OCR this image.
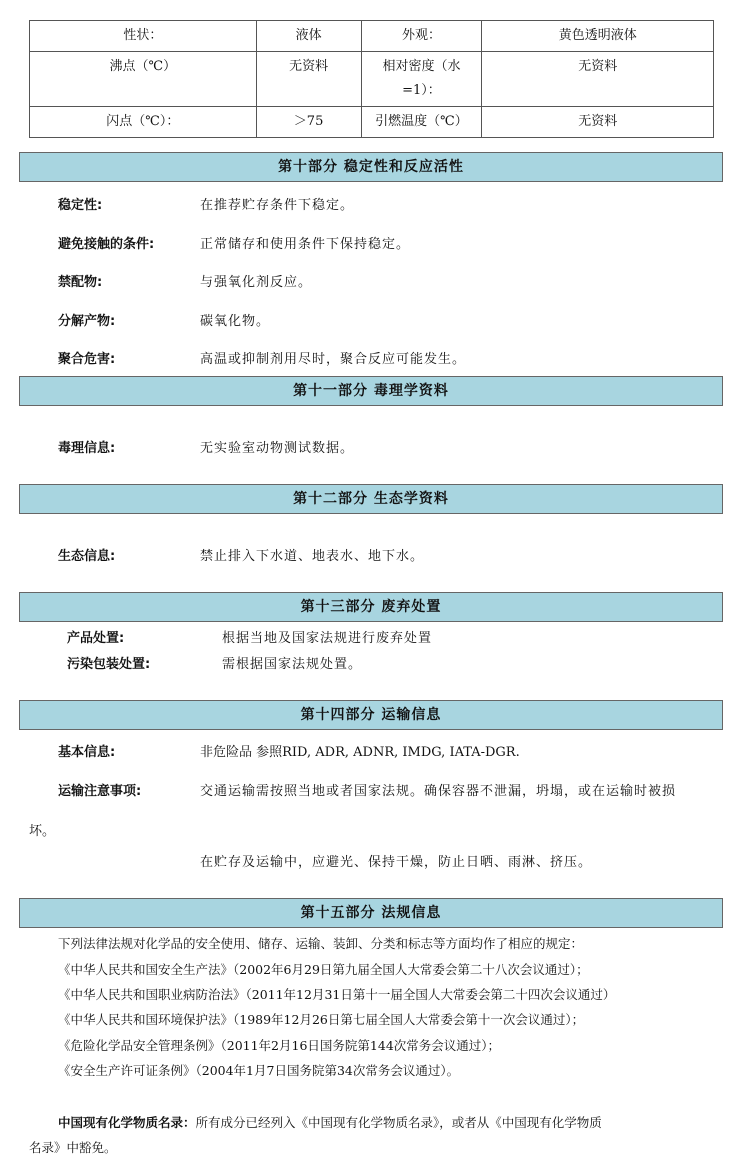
性状：	液体	外观：	黄色透明液体
沸点（℃）	无资料	相对密度（水=1）：	无资料
闪点（℃）：	＞75	引燃温度（℃）	无资料
第十部分 稳定性和反应活性
稳定性:	在推荐贮存条件下稳定。
避免接触的条件:	正常储存和使用条件下保持稳定。
禁配物:	与强氧化剂反应。
分解产物:	碳氧化物。
聚合危害:	高温或抑制剂用尽时，聚合反应可能发生。
第十一部分 毒理学资料
毒理信息:	无实验室动物测试数据。
第十二部分 生态学资料
生态信息:	禁止排入下水道、地表水、地下水。
第十三部分 废弃处置
产品处置:	根据当地及国家法规进行废弃处置
污染包装处置:	需根据国家法规处置。
第十四部分 运输信息
基本信息:	非危险品 参照RID, ADR, ADNR, IMDG, IATA-DGR.
运输注意事项:	交通运输需按照当地或者国家法规。确保容器不泄漏，坍塌，或在运输时被损
坏。
在贮存及运输中，应避光、保持干燥，防止日晒、雨淋、挤压。
第十五部分 法规信息
下列法律法规对化学品的安全使用、储存、运输、装卸、分类和标志等方面均作了相应的规定：
《中华人民共和国安全生产法》（2002年6月29日第九届全国人大常委会第二十八次会议通过）；
《中华人民共和国职业病防治法》（2011年12月31日第十一届全国人大常委会第二十四次会议通过）
《中华人民共和国环境保护法》（1989年12月26日第七届全国人大常委会第十一次会议通过）；
《危险化学品安全管理条例》（2011年2月16日国务院第144次常务会议通过）；
《安全生产许可证条例》（2004年1月7日国务院第34次常务会议通过）。
中国现有化学物质名录：所有成分已经列入《中国现有化学物质名录》，或者从《中国现有化学物质
名录》中豁免。
